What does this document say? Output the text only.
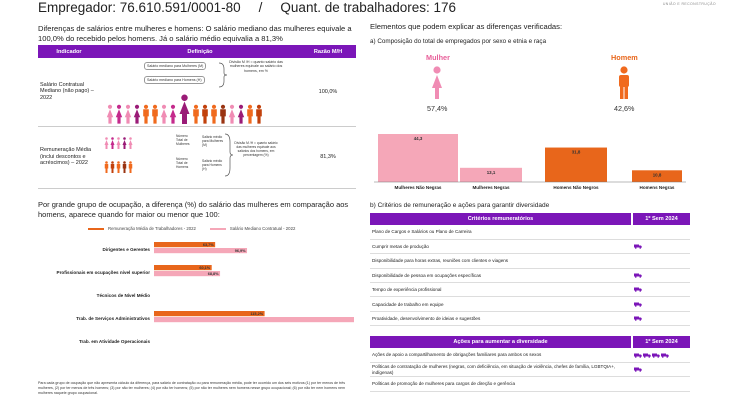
Empregador: 76.610.591/0001-80 / Quant. de trabalhadores: 176	UNIÃO E RECONSTRUÇÃO
Diferenças de salários entre mulheres e homens: O salário mediano das mulheres equivale a 100,0% do recebido pelos homens. Já o salário médio equivalia a 81,3%
Indicador	Definição	Razão M/H
Salário Contratual Mediano (não pago) – 2022	Salário mediano para Mulheres (M)
Salário mediano para Homens (H)
Divisão M /H = quanto salário das mulheres equivale ao salário dos homens, em %	100,0%
Remuneração Média (inclui descontos e acréscimos) – 2022	Número Total de Mulheres
Número Total de Homens
Salário médio para Mulheres (M)
Salário médio para Homens (H)
Divisão M /H = quanto salário das mulheres equivale aos salários dos homens, em percentagem (%)	81,3%
Por grande grupo de ocupação, a diferença (%) do salário das mulheres em comparação aos homens, aparece quando for maior ou menor que 100:
Remuneração Média de Trabalhadores - 2022	Salário Mediano Contratual - 2022
Dirigentes e Gerentes
63,7%
96,9%
Profissionais em ocupações nível superior
60,1%
68,8%
Técnicos de Nível Médio
Trab. de Serviços Administrativos
115,2%
Trab. em Atividade Operacionais
Para cada grupo de ocupação que não apresenta cálculo da diferença, para salário de contratação ou para remuneração média, pode ter ocorrido um dos seis motivos:(1) por ter menos de três mulheres, (2) por ter menos de três homens; (3) por não ter mulheres; (4) por não ter homens; (5) por não ter mulheres nem homens nesse grupo ocupacional; (6) por não ter nem homens nem mulheres naquele grupo ocupacional.
Elementos que podem explicar as diferenças verificadas:
a) Composição do total de empregados por sexo e etnia e raça
Mulher	Homem
57,4%	42,6%
44,3
Mulheres Não Negras
13,1
Mulheres Negras
31,8
Homens Não Negros
10,8
Homens Negras
b) Critérios de remuneração e ações para garantir diversidade
Critérios remuneratórios	1º Sem 2024
Plano de Cargos e Salários ou Plano de Carreira	
Cumprir metas de produção	
Disponibilidade para horas extras, reuniões com clientes e viagens	
Disponibilidade de pessoa em ocupações específicas	
Tempo de experiência profissional	
Capacidade de trabalho em equipe	
Proatividade, desenvolvimento de ideias e sugestões	
Ações para aumentar a diversidade	1º Sem 2024
Ações de apoio a compartilhamento de obrigações familiares para ambos os sexos	
Políticas de contratação de mulheres (negras, com deficiência, em situação de violência, chefes de família, LGBTQIA+, indígenas)	
Políticas de promoção de mulheres para cargos de direção e gerência	
